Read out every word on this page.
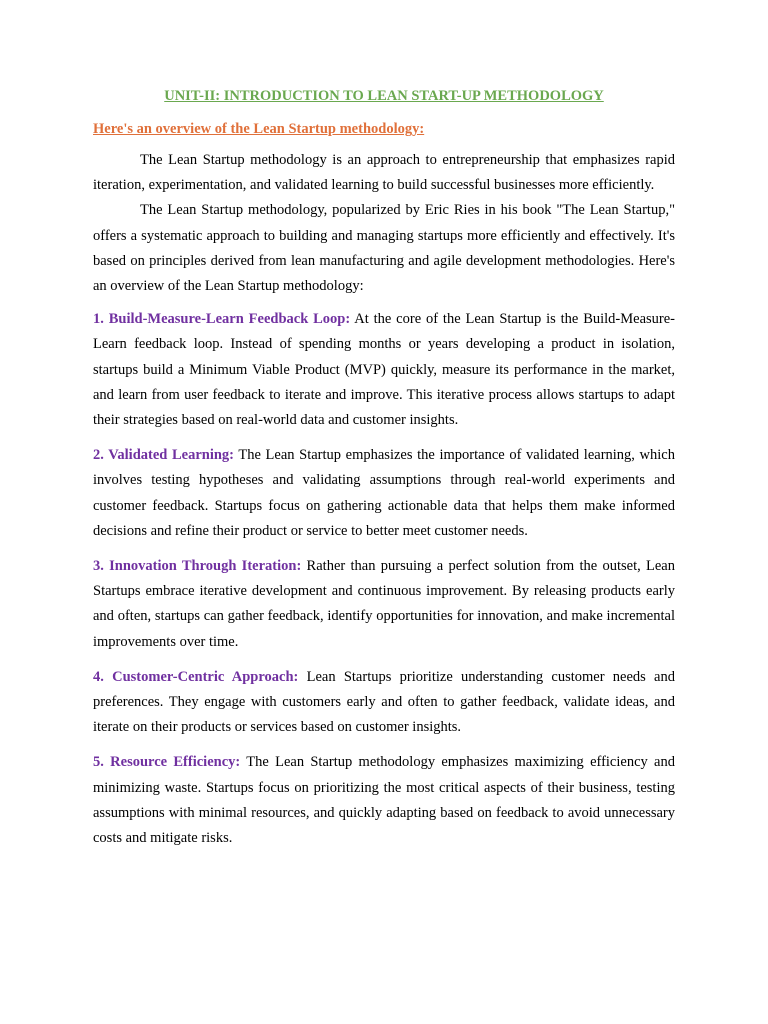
UNIT-II: INTRODUCTION TO LEAN START-UP METHODOLOGY

Here's an overview of the Lean Startup methodology:

The Lean Startup methodology is an approach to entrepreneurship that emphasizes rapid iteration, experimentation, and validated learning to build successful businesses more efficiently.

The Lean Startup methodology, popularized by Eric Ries in his book "The Lean Startup," offers a systematic approach to building and managing startups more efficiently and effectively. It's based on principles derived from lean manufacturing and agile development methodologies. Here's an overview of the Lean Startup methodology:

1. Build-Measure-Learn Feedback Loop: At the core of the Lean Startup is the Build-Measure-Learn feedback loop. Instead of spending months or years developing a product in isolation, startups build a Minimum Viable Product (MVP) quickly, measure its performance in the market, and learn from user feedback to iterate and improve. This iterative process allows startups to adapt their strategies based on real-world data and customer insights.

2. Validated Learning: The Lean Startup emphasizes the importance of validated learning, which involves testing hypotheses and validating assumptions through real-world experiments and customer feedback. Startups focus on gathering actionable data that helps them make informed decisions and refine their product or service to better meet customer needs.

3. Innovation Through Iteration: Rather than pursuing a perfect solution from the outset, Lean Startups embrace iterative development and continuous improvement. By releasing products early and often, startups can gather feedback, identify opportunities for innovation, and make incremental improvements over time.

4. Customer-Centric Approach: Lean Startups prioritize understanding customer needs and preferences. They engage with customers early and often to gather feedback, validate ideas, and iterate on their products or services based on customer insights.

5. Resource Efficiency: The Lean Startup methodology emphasizes maximizing efficiency and minimizing waste. Startups focus on prioritizing the most critical aspects of their business, testing assumptions with minimal resources, and quickly adapting based on feedback to avoid unnecessary costs and mitigate risks.
